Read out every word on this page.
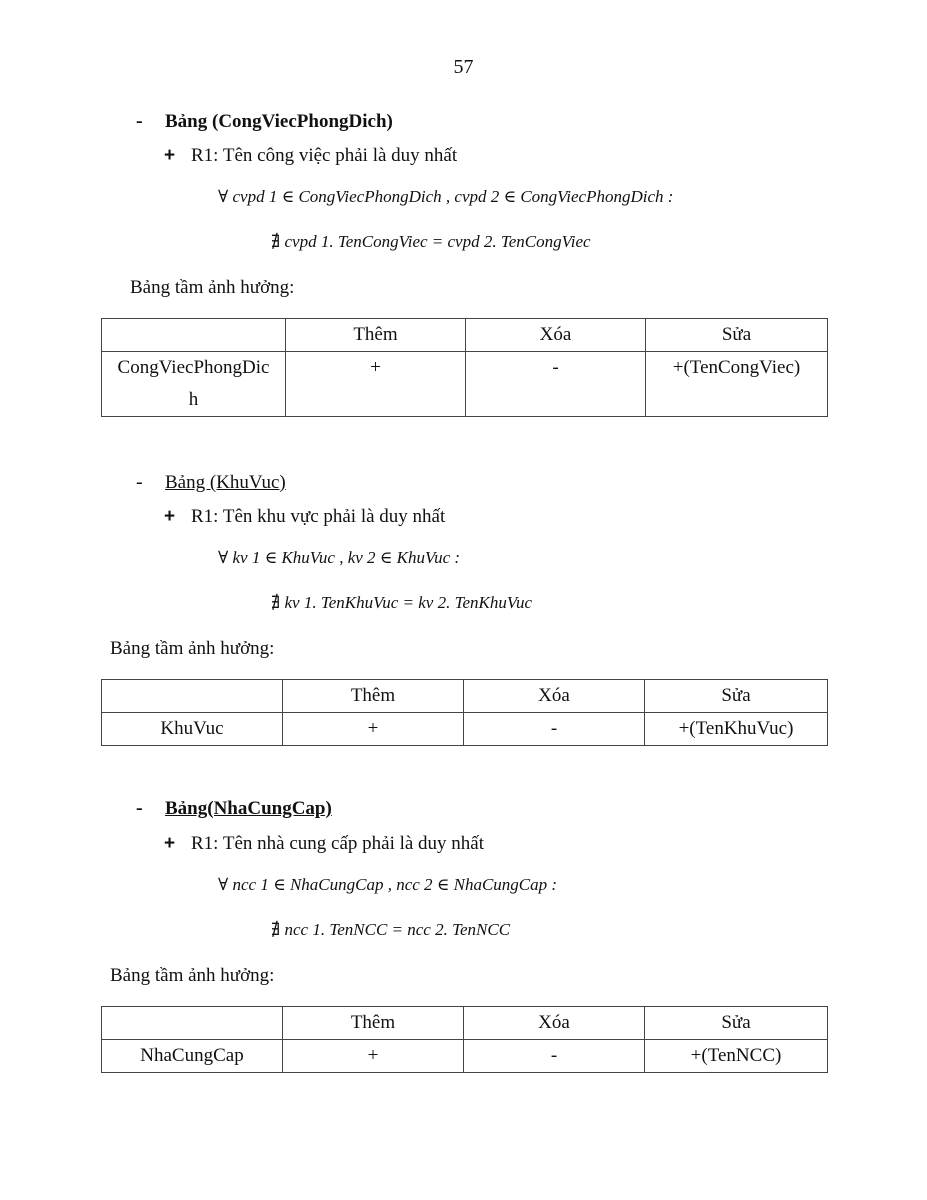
57
- Bảng (CongViecPhongDich)
+ R1: Tên công việc phải là duy nhất
∀ cvpd 1 ∈ CongViecPhongDich , cvpd 2 ∈ CongViecPhongDich :
∄ cvpd 1. TenCongViec = cvpd 2. TenCongViec
Bảng tầm ảnh hưởng:
	Thêm	Xóa	Sửa

CongViecPhongDic
h	+	-	+(TenCongViec)
- Bảng (KhuVuc)
+ R1: Tên khu vực phải là duy nhất
∀ kv 1 ∈ KhuVuc , kv 2 ∈ KhuVuc :
∄ kv 1. TenKhuVuc = kv 2. TenKhuVuc
Bảng tầm ảnh hưởng:
	Thêm	Xóa	Sửa
KhuVuc	+	-	+(TenKhuVuc)
- Bảng(NhaCungCap)
+ R1: Tên nhà cung cấp phải là duy nhất
∀ ncc 1 ∈ NhaCungCap , ncc 2 ∈ NhaCungCap :
∄ ncc 1. TenNCC = ncc 2. TenNCC
Bảng tầm ảnh hưởng:
	Thêm	Xóa	Sửa
NhaCungCap	+	-	+(TenNCC)
